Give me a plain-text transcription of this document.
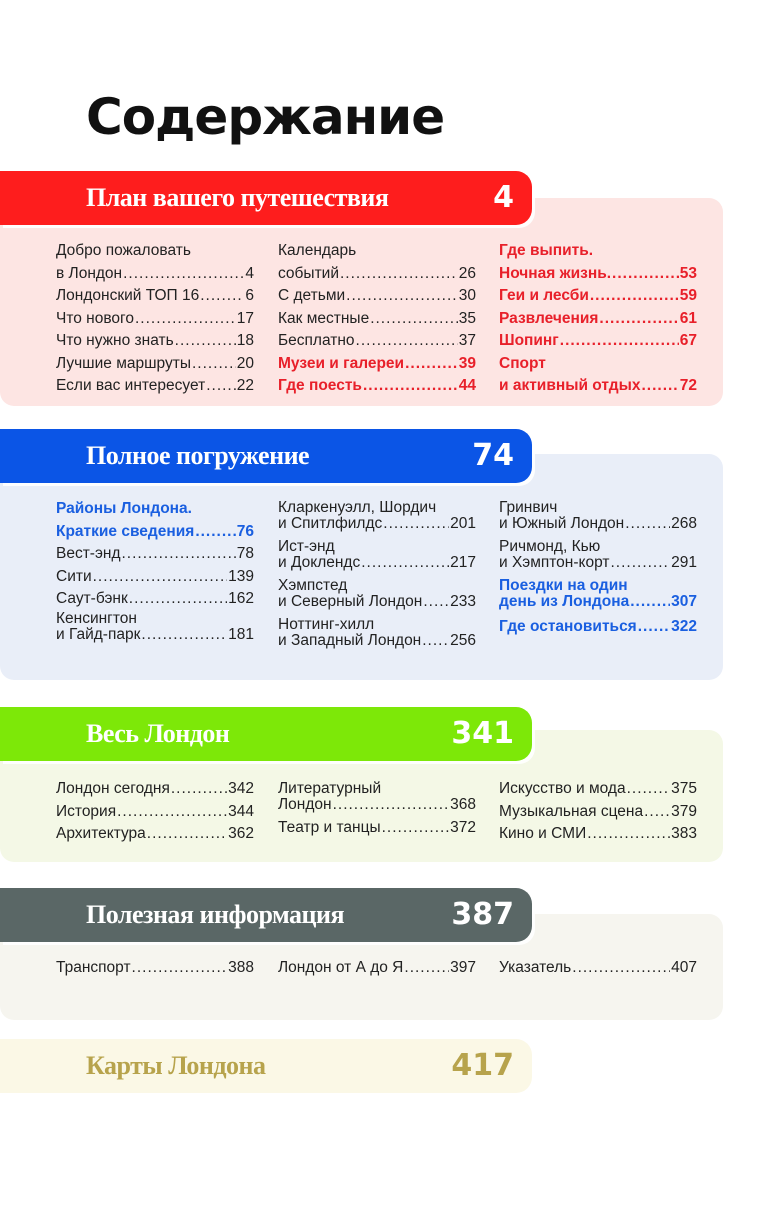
Содержание
План вашего путешествия	4
Добро пожаловать
в Лондон .....	4
Лондонский ТОП 16 .....	6
Что нового .....	17
Что нужно знать .....	18
Лучшие маршруты .....	20
Если вас интересует ..... 22
Календарь
событий .....	26
С детьми .....	30
Как местные .....	35
Бесплатно .....	37
Музеи и галереи .....	39
Где поесть .....	44
Где выпить.
Ночная жизнь. .....	53
Геи и лесби .....	59
Развлечения .....	61
Шопинг .....	67
Спорт
и активный отдых .....	72
Полное погружение	74
Районы Лондона.
Краткие сведения .....	76
Вест-энд .....	78
Сити .....	139
Саут-бэнк .....	162
Кенсингтон
и Гайд-парк .....	181
Кларкенуэлл, Шордич
и Спитлфилдс .....	201
Ист-энд
и Доклендс .....	217
Хэмпстед
и Северный Лондон ..... 233
Ноттинг-хилл
и Западный Лондон ..... 256
Гринвич
и Южный Лондон .....	268
Ричмонд, Кью
и Хэмптон-корт .....	291
Поездки на один
день из Лондона .....	307
Где остановиться ..... 322
Весь Лондон	341
Лондон сегодня .....	342
История .....	344
Архитектура .....	362
Литературный
Лондон .....	368
Театр и танцы .....	372
Искусство и мода .....	375
Музыкальная сцена ..... 379
Кино и СМИ .....	383
Полезная информация	387
Транспорт .....	388 Лондон от А до Я .....	397 Указатель .....	407
Карты Лондона	417
